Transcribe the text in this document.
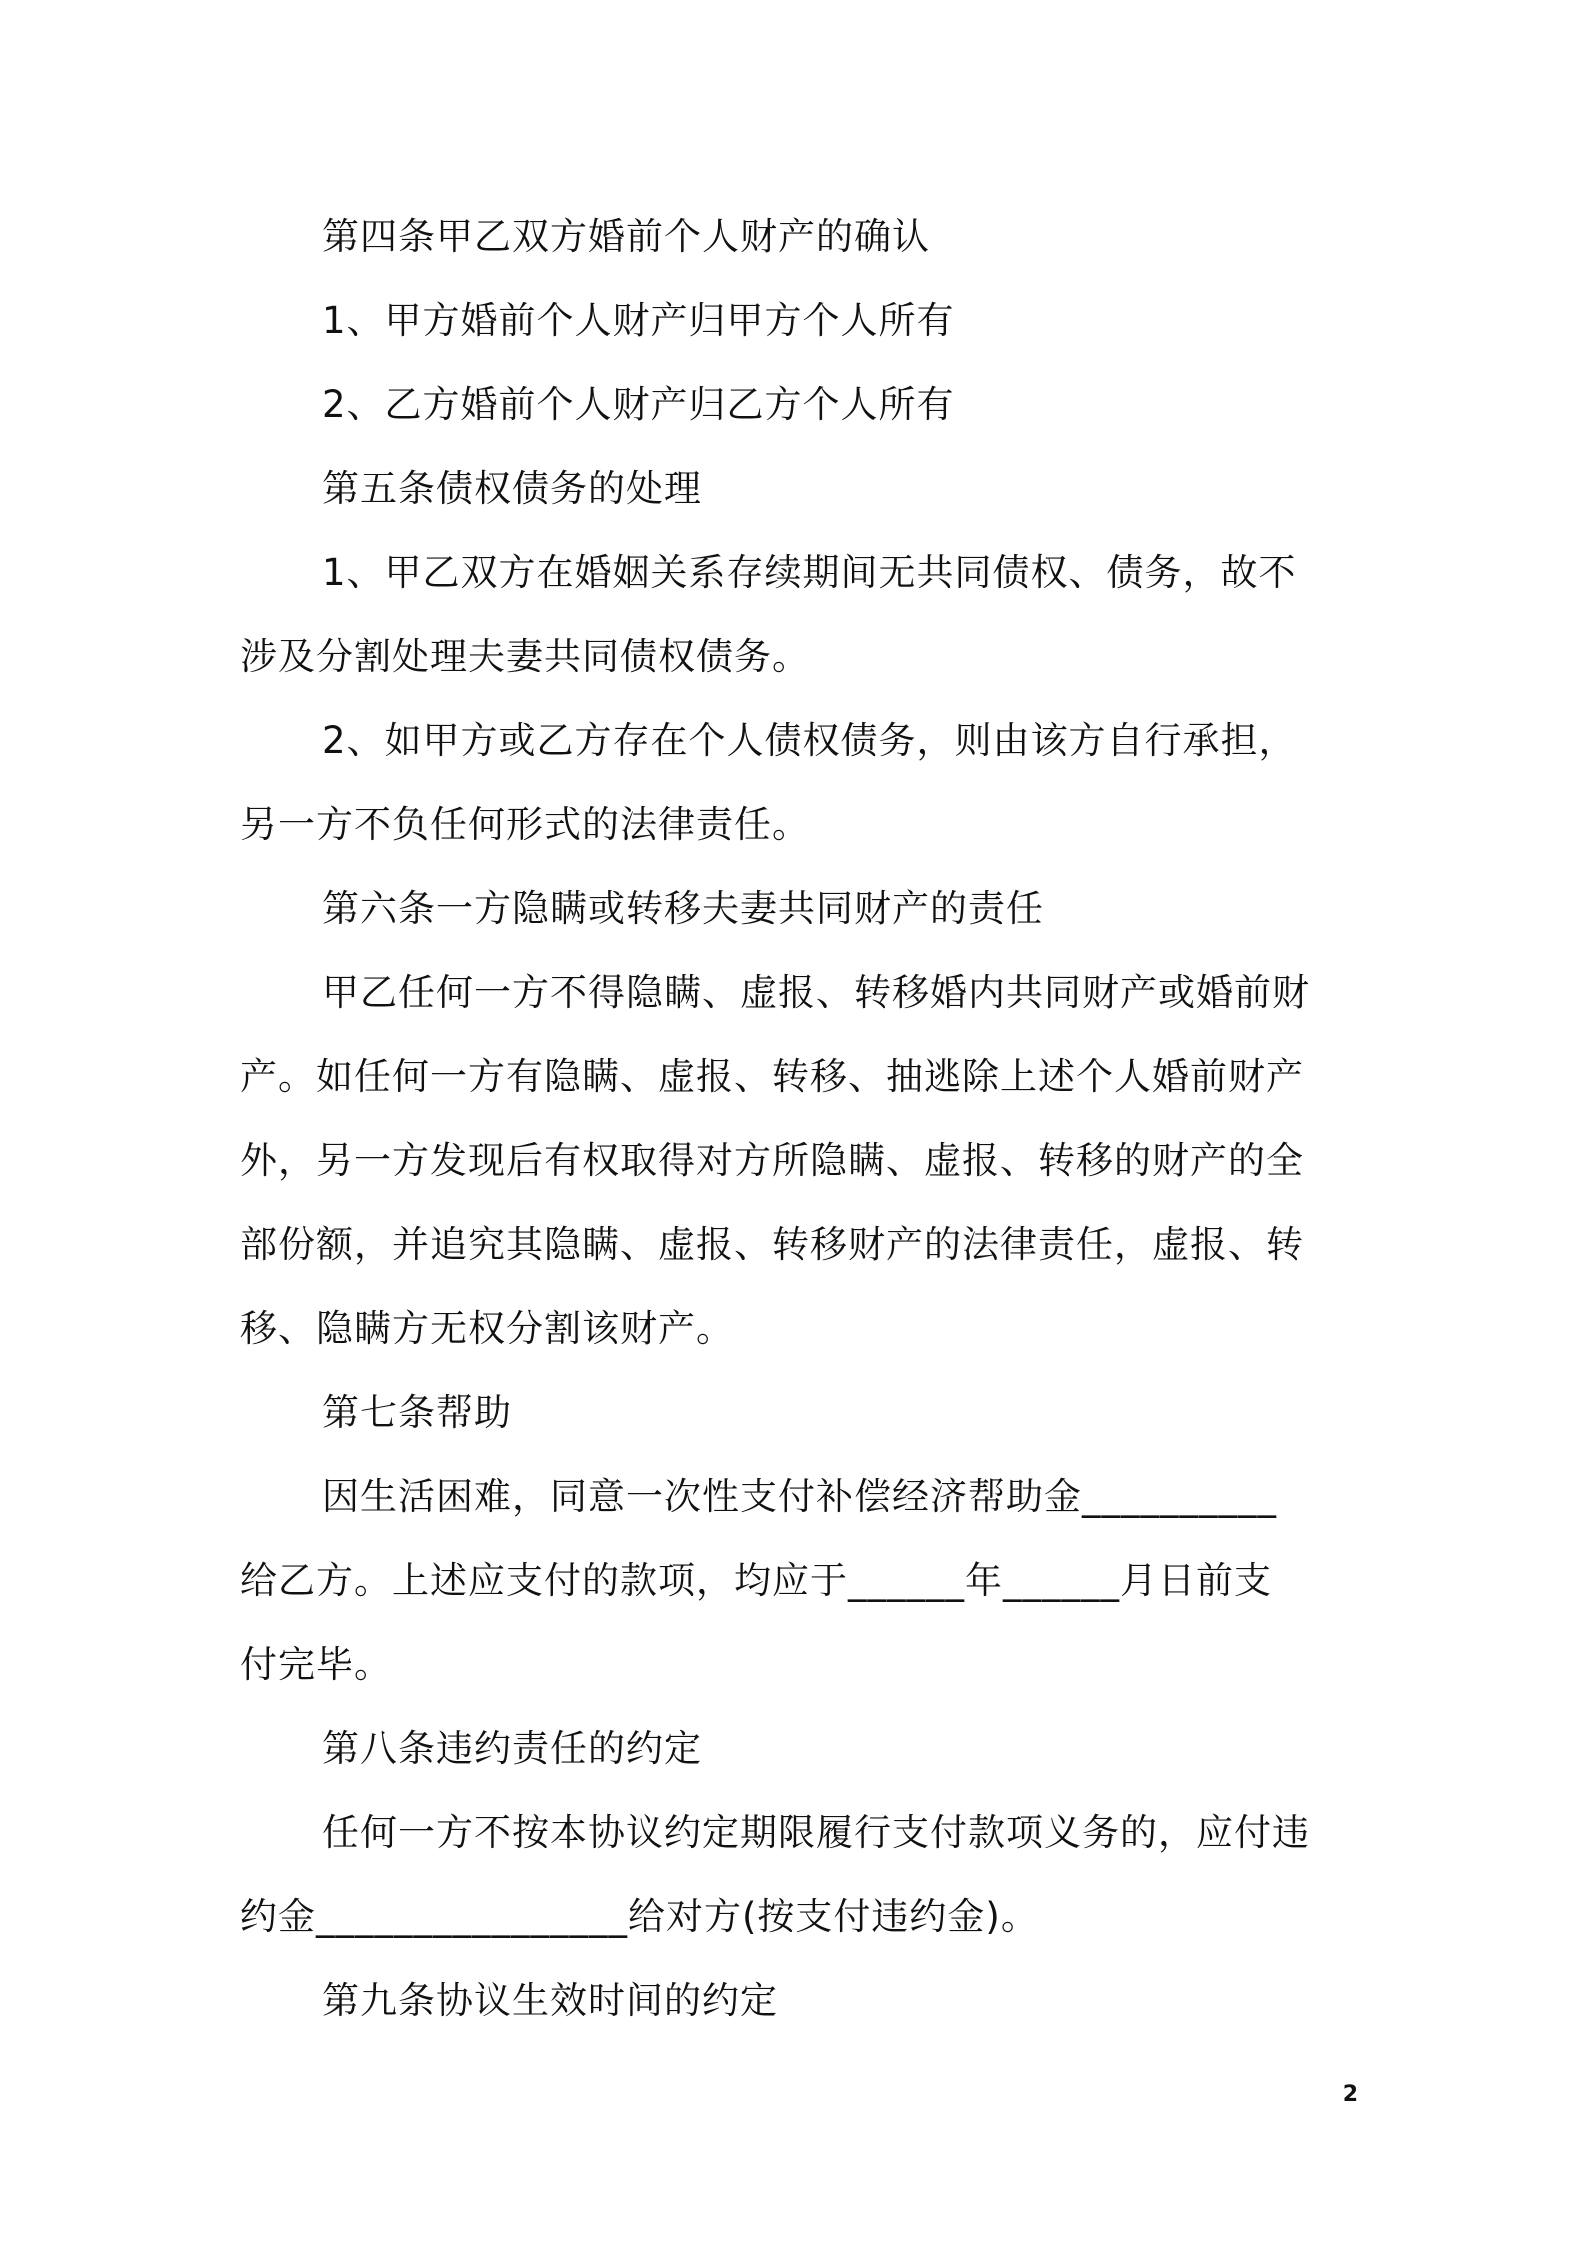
第四条甲乙双方婚前个人财产的确认
1、甲方婚前个人财产归甲方个人所有
2、乙方婚前个人财产归乙方个人所有
第五条债权债务的处理
1、甲乙双方在婚姻关系存续期间无共同债权、债务，故不
涉及分割处理夫妻共同债权债务。
2、如甲方或乙方存在个人债权债务，则由该方自行承担，
另一方不负任何形式的法律责任。
第六条一方隐瞒或转移夫妻共同财产的责任
甲乙任何一方不得隐瞒、虚报、转移婚内共同财产或婚前财
产。如任何一方有隐瞒、虚报、转移、抽逃除上述个人婚前财产
外，另一方发现后有权取得对方所隐瞒、虚报、转移的财产的全
部份额，并追究其隐瞒、虚报、转移财产的法律责任，虚报、转
移、隐瞒方无权分割该财产。
第七条帮助
因生活困难，同意一次性支付补偿经济帮助金__________
给乙方。上述应支付的款项，均应于______年______月日前支
付完毕。
第八条违约责任的约定
任何一方不按本协议约定期限履行支付款项义务的，应付违
约金________________给对方(按支付违约金)。
第九条协议生效时间的约定
2
